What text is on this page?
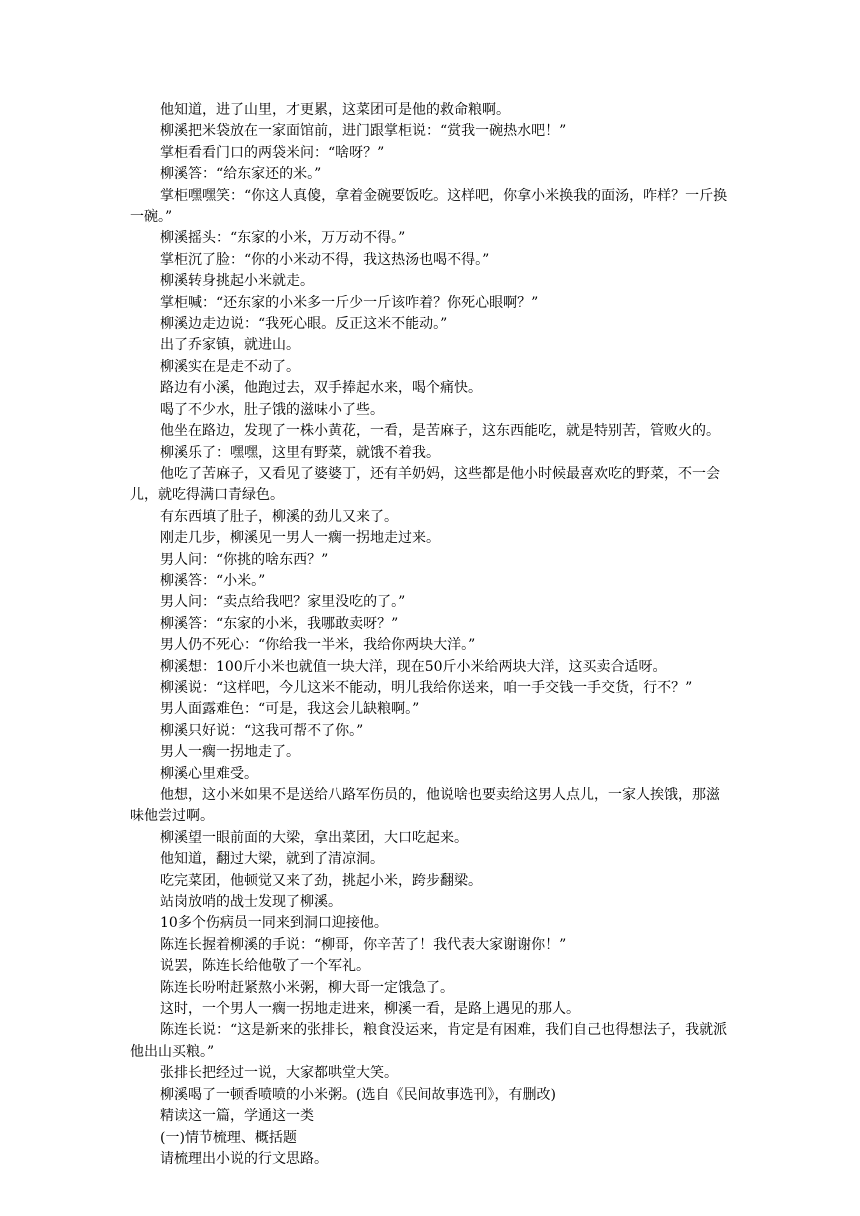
他知道，进了山里，才更累，这菜团可是他的救命粮啊。

柳溪把米袋放在一家面馆前，进门跟掌柜说：“赏我一碗热水吧！”

掌柜看看门口的两袋米问：“啥呀？”

柳溪答：“给东家还的米。”

掌柜嘿嘿笑：“你这人真傻，拿着金碗要饭吃。这样吧，你拿小米换我的面汤，咋样？一斤换一碗。”

柳溪摇头：“东家的小米，万万动不得。”

掌柜沉了脸：“你的小米动不得，我这热汤也喝不得。”

柳溪转身挑起小米就走。

掌柜喊：“还东家的小米多一斤少一斤该咋着？你死心眼啊？”

柳溪边走边说：“我死心眼。反正这米不能动。”

出了乔家镇，就进山。

柳溪实在是走不动了。

路边有小溪，他跑过去，双手捧起水来，喝个痛快。

喝了不少水，肚子饿的滋味小了些。

他坐在路边，发现了一株小黄花，一看，是苦麻子，这东西能吃，就是特别苦，管败火的。

柳溪乐了：嘿嘿，这里有野菜，就饿不着我。

他吃了苦麻子，又看见了婆婆丁，还有羊奶妈，这些都是他小时候最喜欢吃的野菜，不一会儿，就吃得满口青绿色。

有东西填了肚子，柳溪的劲儿又来了。

刚走几步，柳溪见一男人一瘸一拐地走过来。

男人问：“你挑的啥东西？”

柳溪答：“小米。”

男人问：“卖点给我吧？家里没吃的了。”

柳溪答：“东家的小米，我哪敢卖呀？”

男人仍不死心：“你给我一半米，我给你两块大洋。”

柳溪想：100斤小米也就值一块大洋，现在50斤小米给两块大洋，这买卖合适呀。

柳溪说：“这样吧，今儿这米不能动，明儿我给你送来，咱一手交钱一手交货，行不？”

男人面露难色：“可是，我这会儿缺粮啊。”

柳溪只好说：“这我可帮不了你。”

男人一瘸一拐地走了。

柳溪心里难受。

他想，这小米如果不是送给八路军伤员的，他说啥也要卖给这男人点儿，一家人挨饿，那滋味他尝过啊。

柳溪望一眼前面的大梁，拿出菜团，大口吃起来。

他知道，翻过大梁，就到了清凉洞。

吃完菜团，他顿觉又来了劲，挑起小米，跨步翻梁。

站岗放哨的战士发现了柳溪。

10多个伤病员一同来到洞口迎接他。

陈连长握着柳溪的手说：“柳哥，你辛苦了！我代表大家谢谢你！”

说罢，陈连长给他敬了一个军礼。

陈连长吩咐赶紧熬小米粥，柳大哥一定饿急了。

这时，一个男人一瘸一拐地走进来，柳溪一看，是路上遇见的那人。

陈连长说：“这是新来的张排长，粮食没运来，肯定是有困难，我们自己也得想法子，我就派他出山买粮。”

张排长把经过一说，大家都哄堂大笑。

柳溪喝了一顿香喷喷的小米粥。(选自《民间故事选刊》，有删改)

精读这一篇，学通这一类

(一)情节梳理、概括题

请梳理出小说的行文思路。
